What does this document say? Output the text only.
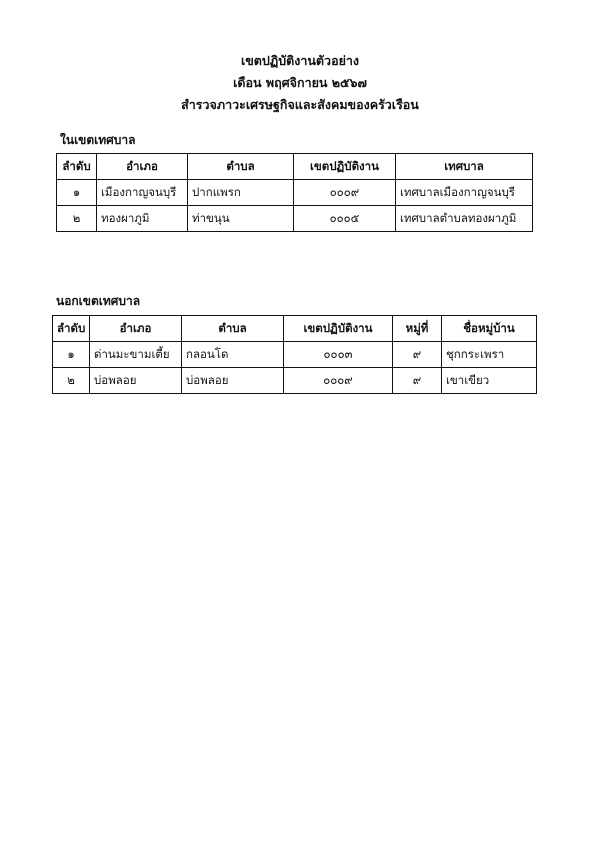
เขตปฏิบัติงานตัวอย่าง
เดือน พฤศจิกายน ๒๕๖๗
สำรวจภาวะเศรษฐกิจและสังคมของครัวเรือน
ในเขตเทศบาล
ลำดับ	อำเภอ	ตำบล	เขตปฏิบัติงาน	เทศบาล
๑	เมืองกาญจนบุรี	ปากแพรก	๐๐๐๙	เทศบาลเมืองกาญจนบุรี
๒	ทองผาภูมิ	ท่าขนุน	๐๐๐๕	เทศบาลตำบลทองผาภูมิ
นอกเขตเทศบาล
ลำดับ	อำเภอ	ตำบล	เขตปฏิบัติงาน	หมู่ที่	ชื่อหมู่บ้าน
๑	ด่านมะขามเตี้ย	กลอนโด	๐๐๐๓	๙	ชุกกระเพรา
๒	บ่อพลอย	บ่อพลอย	๐๐๐๙	๙	เขาเขียว
